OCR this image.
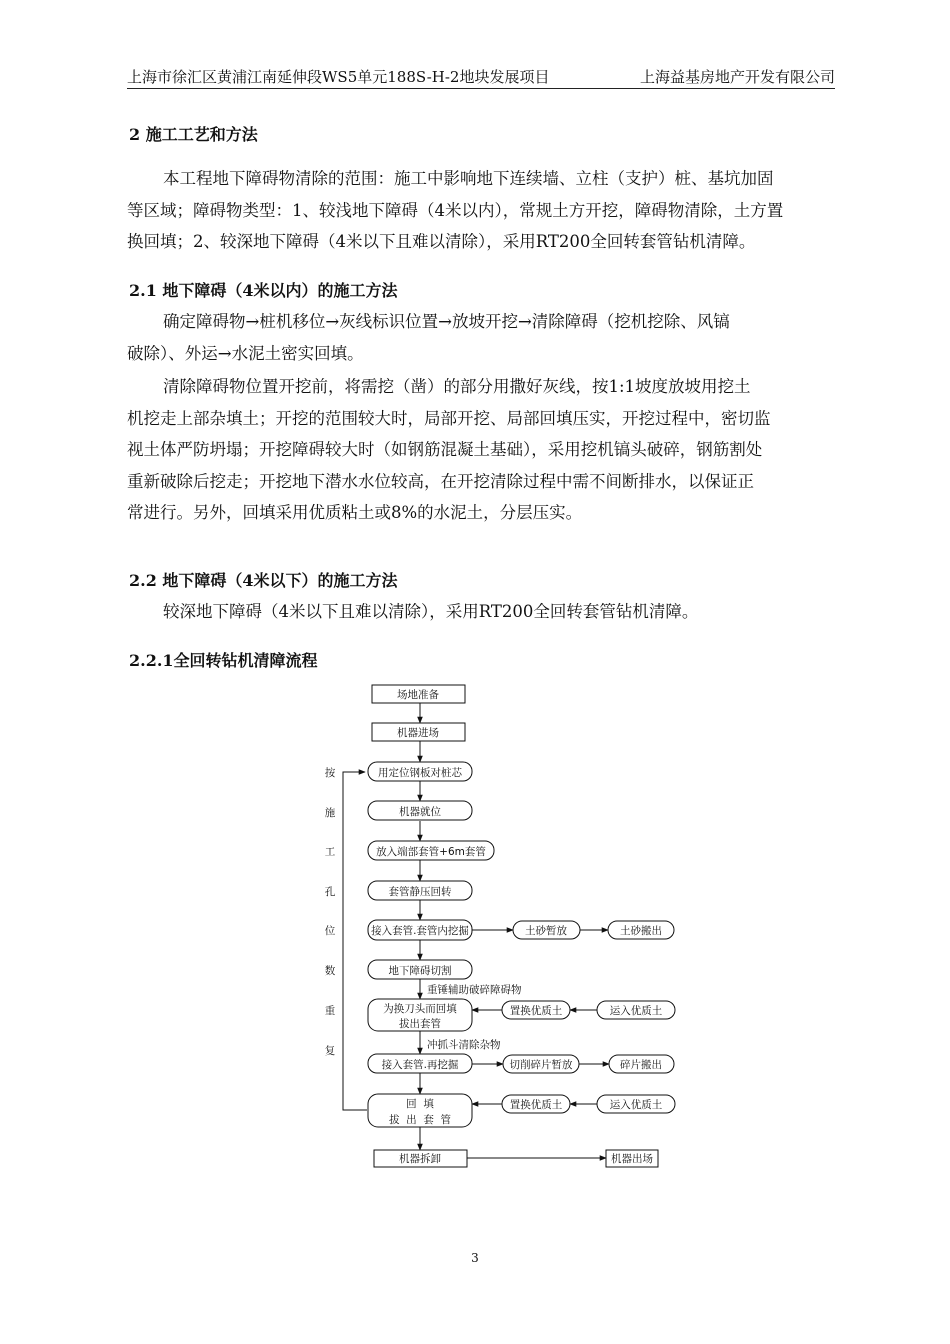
上海市徐汇区黄浦江南延伸段WS5单元188S-H-2地块发展项目	上海益基房地产开发有限公司
2 施工工艺和方法
本工程地下障碍物清除的范围：施工中影响地下连续墙、立柱（支护）桩、基坑加固
等区域；障碍物类型：1、较浅地下障碍（4米以内），常规土方开挖，障碍物清除，土方置
换回填；2、较深地下障碍（4米以下且难以清除），采用RT200全回转套管钻机清障。
2.1 地下障碍（4米以内）的施工方法
确定障碍物→桩机移位→灰线标识位置→放坡开挖→清除障碍（挖机挖除、风镐
破除）、外运→水泥土密实回填。
清除障碍物位置开挖前，将需挖（凿）的部分用撒好灰线，按1:1坡度放坡用挖土
机挖走上部杂填土；开挖的范围较大时，局部开挖、局部回填压实，开挖过程中，密切监
视土体严防坍塌；开挖障碍较大时（如钢筋混凝土基础），采用挖机镐头破碎，钢筋割处
重新破除后挖走；开挖地下潜水水位较高，在开挖清除过程中需不间断排水，以保证正
常进行。另外，回填采用优质粘土或8%的水泥土，分层压实。
2.2 地下障碍（4米以下）的施工方法
较深地下障碍（4米以下且难以清除），采用RT200全回转套管钻机清障。
2.2.1全回转钻机清障流程
场地准备
机器进场
用定位钢板对桩芯
机器就位
放入端部套管+6m套管
套管静压回转
接入套管.套管内挖掘
地下障碍切割
为换刀头而回填
拔出套管
接入套管.再挖掘
回  填
拔  出  套  管
机器拆卸
土砂暂放	土砂搬出
置换优质土	运入优质土
切削碎片暂放	碎片搬出
置换优质土	运入优质土
机器出场
重锤辅助破碎障碍物
冲抓斗清除杂物
按
施
工
孔
位
数
重
复
3
